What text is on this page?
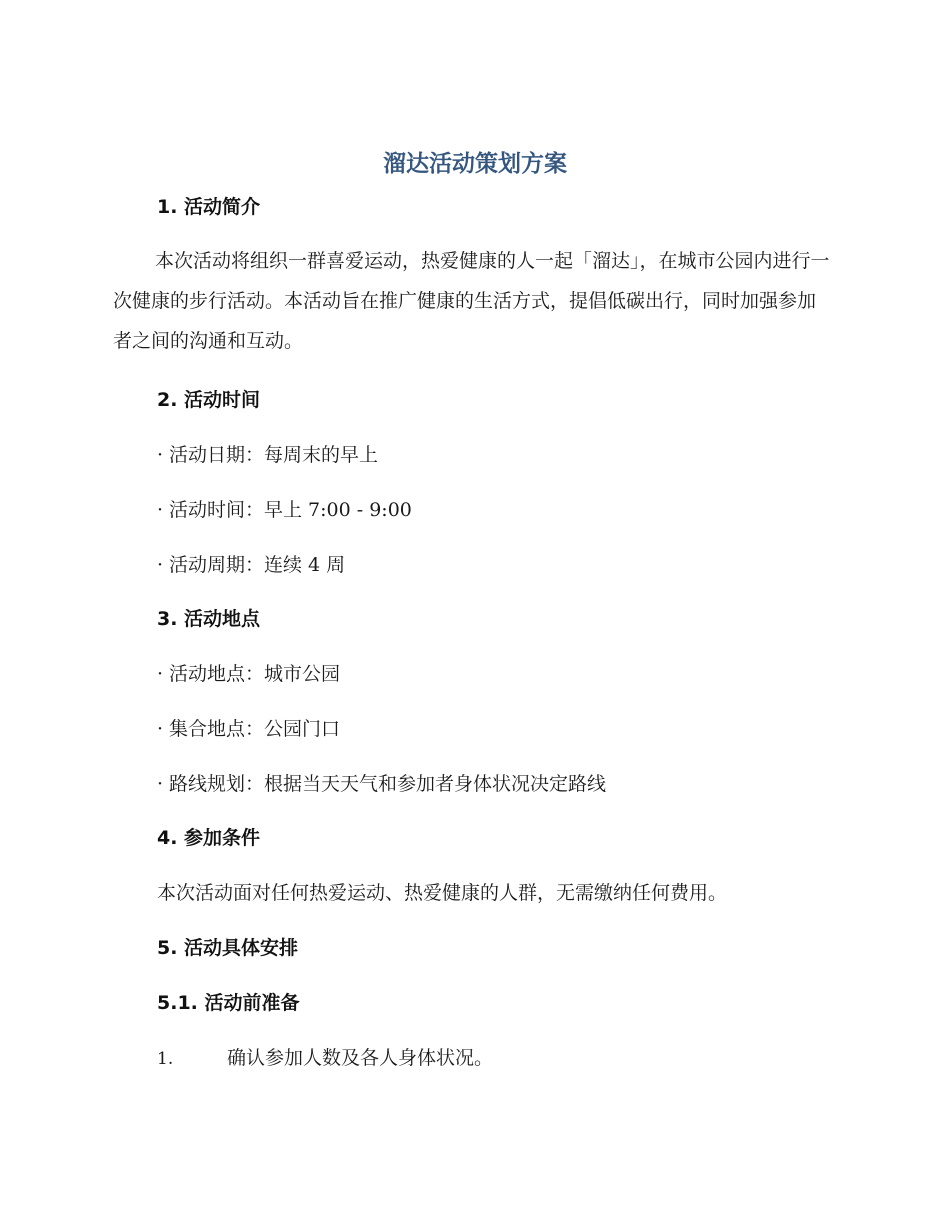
溜达活动策划方案
1. 活动简介
本次活动将组织一群喜爱运动，热爱健康的人一起「溜达」，在城市公园内进行一次健康的步行活动。本活动旨在推广健康的生活方式，提倡低碳出行，同时加强参加者之间的沟通和互动。
2. 活动时间
· 活动日期：每周末的早上
· 活动时间：早上 7:00 - 9:00
· 活动周期：连续 4 周
3. 活动地点
· 活动地点：城市公园
· 集合地点：公园门口
· 路线规划：根据当天天气和参加者身体状况决定路线
4. 参加条件
本次活动面对任何热爱运动、热爱健康的人群，无需缴纳任何费用。
5. 活动具体安排
5.1. 活动前准备
1.	确认参加人数及各人身体状况。
